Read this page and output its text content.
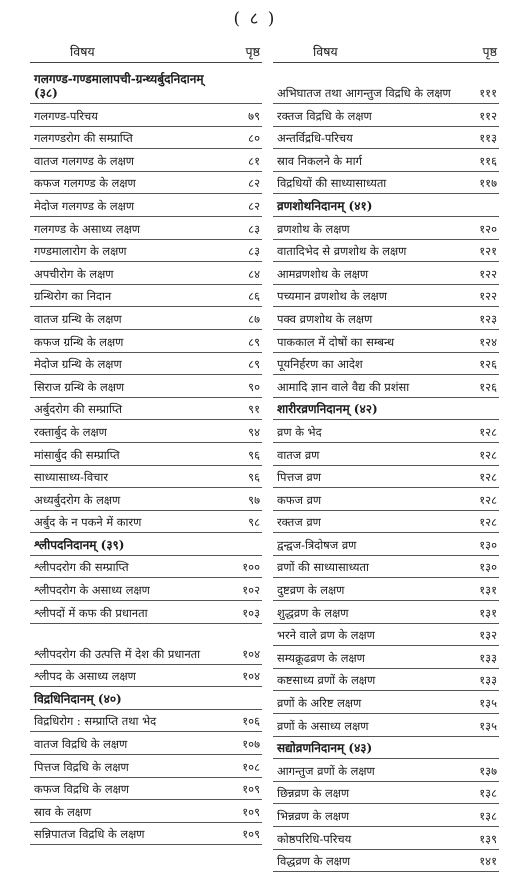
( ८ )
विषय	पृष्ठ
गलगण्ड-गण्डमालापची-ग्रन्थ्यर्बुदनिदानम् (३८)
गलगण्ड-परिचय	७९
गलगण्डरोग की सम्प्राप्ति	८०
वातज गलगण्ड के लक्षण	८१
कफज गलगण्ड के लक्षण	८२
मेदोज गलगण्ड के लक्षण	८२
गलगण्ड के असाध्य लक्षण	८३
गण्डमालारोग के लक्षण	८३
अपचीरोग के लक्षण	८४
ग्रन्थिरोग का निदान	८६
वातज ग्रन्थि के लक्षण	८७
कफज ग्रन्थि के लक्षण	८९
मेदोज ग्रन्थि के लक्षण	८९
सिराज ग्रन्थि के लक्षण	९०
अर्बुदरोग की सम्प्राप्ति	९१
रक्तार्बुद के लक्षण	९४
मांसार्बुद की सम्प्राप्ति	९६
साध्यासाध्य-विचार	९६
अध्यर्बुदरोग के लक्षण	९७
अर्बुद के न पकने में कारण	९८
श्लीपदनिदानम् (३९)
श्लीपदरोग की सम्प्राप्ति	१००
श्लीपदरोग के असाध्य लक्षण	१०२
श्लीपदों में कफ की प्रधानता	१०३
श्लीपदरोग की उत्पत्ति में देश की प्रधानता	१०४
श्लीपद के असाध्य लक्षण	१०४
विद्रधिनिदानम् (४०)
विद्रधिरोग : सम्प्राप्ति तथा भेद	१०६
वातज विद्रधि के लक्षण	१०७
पित्तज विद्रधि के लक्षण	१०८
कफज विद्रधि के लक्षण	१०९
स्राव के लक्षण	१०९
सन्निपातज विद्रधि के लक्षण	१०९
विषय	पृष्ठ
अभिघातज तथा आगन्तुज विद्रधि के लक्षण	१११
रक्तज विद्रधि के लक्षण	११२
अन्तर्विद्रधि-परिचय	११३
स्राव निकलने के मार्ग	११६
विद्रधियों की साध्यासाध्यता	११७
व्रणशोथनिदानम् (४१)
व्रणशोथ के लक्षण	१२०
वातादिभेद से व्रणशोथ के लक्षण	१२१
आमव्रणशोथ के लक्षण	१२२
पच्यमान व्रणशोथ के लक्षण	१२२
पक्व व्रणशोथ के लक्षण	१२३
पाककाल में दोषों का सम्बन्ध	१२४
पूयनिर्हरण का आदेश	१२६
आमादि ज्ञान वाले वैद्य की प्रशंसा	१२६
शारीरव्रणनिदानम् (४२)
व्रण के भेद	१२८
वातज व्रण	१२८
पित्तज व्रण	१२८
कफज व्रण	१२८
रक्तज व्रण	१२८
द्वन्द्वज-त्रिदोषज व्रण	१३०
व्रणों की साध्यासाध्यता	१३०
दुष्टव्रण के लक्षण	१३१
शुद्धव्रण के लक्षण	१३१
भरने वाले व्रण के लक्षण	१३२
सम्यक्रूढव्रण के लक्षण	१३३
कष्टसाध्य व्रणों के लक्षण	१३३
व्रणों के अरिष्ट लक्षण	१३५
व्रणों के असाध्य लक्षण	१३५
सद्योव्रणनिदानम् (४३)
आगन्तुज व्रणों के लक्षण	१३७
छिन्नव्रण के लक्षण	१३८
भिन्नव्रण के लक्षण	१३८
कोष्ठपरिधि-परिचय	१३९
विद्धव्रण के लक्षण	१४१
